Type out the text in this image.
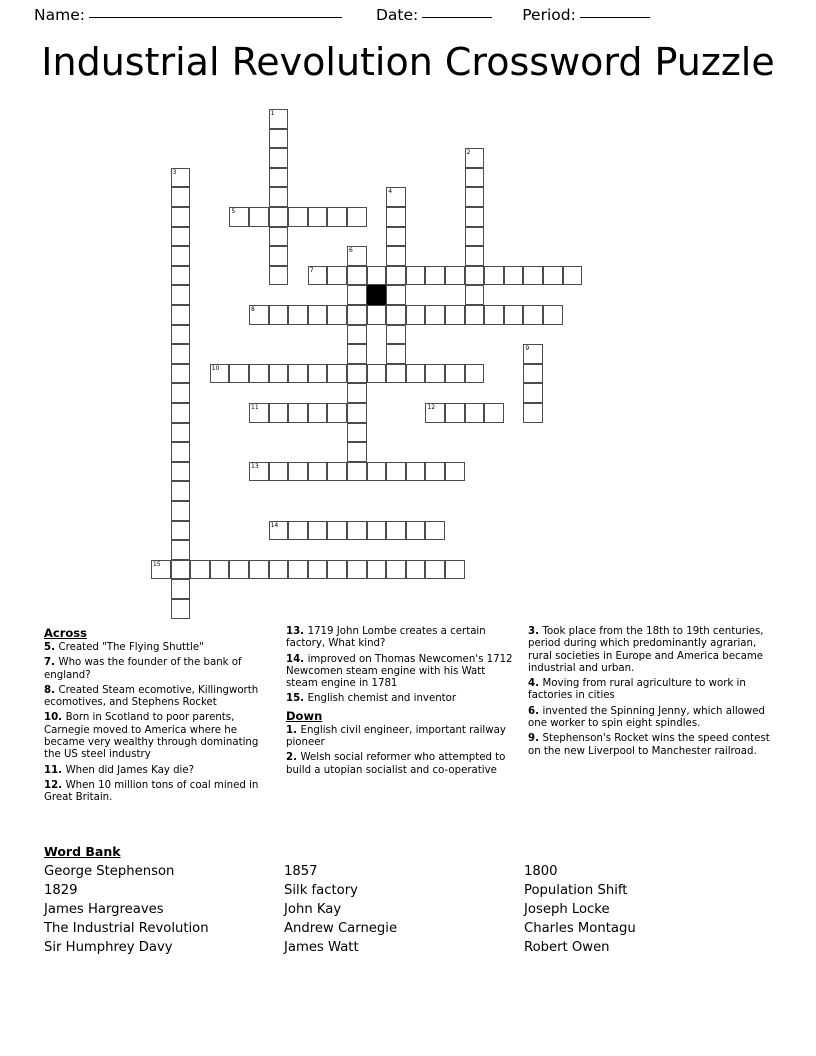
Name:	Date:	Period:
Industrial Revolution Crossword Puzzle
1
2
3
4
5
6
7
8
9
10
11	12
13
14
15
Across
5. Created "The Flying Shuttle"
7. Who was the founder of the bank of england?
8. Created Steam ecomotive, Killingworth ecomotives, and Stephens Rocket
10. Born in Scotland to poor parents, Carnegie moved to America where he became very wealthy through dominating the US steel industry
11. When did James Kay die?
12. When 10 million tons of coal mined in Great Britain.
13. 1719 John Lombe creates a certain factory, What kind?
14. improved on Thomas Newcomen's 1712 Newcomen steam engine with his Watt steam engine in 1781
15. English chemist and inventor
Down
1. English civil engineer, important railway pioneer
2. Welsh social reformer who attempted to build a utopian socialist and co-operative
3. Took place from the 18th to 19th centuries, period during which predominantly agrarian, rural societies in Europe and America became industrial and urban.
4. Moving from rural agriculture to work in factories in cities
6. invented the Spinning Jenny, which allowed one worker to spin eight spindles.
9. Stephenson's Rocket wins the speed contest on the new Liverpool to Manchester railroad.
Word Bank
George Stephenson
1829
James Hargreaves
The Industrial Revolution
Sir Humphrey Davy
1857
Silk factory
John Kay
Andrew Carnegie
James Watt
1800
Population Shift
Joseph Locke
Charles Montagu
Robert Owen
